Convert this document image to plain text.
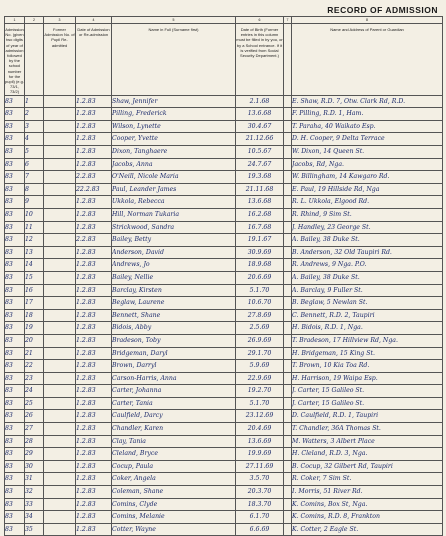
RECORD OF ADMISSION
1	2	3	4	5	6	7	8
Admission No. (given two digits of year of admission followed by the school number for the pupil) (e.g. 73/1, 73/2)		Former Admission No. of Pupil Re-admitted	Date of Admission or Re-admission	Name in Full (Surname first)	Date of Birth (Former entries in this column must be filled in by you, or by a School entrance. If it is verified from Social Security Department.)		Name and Address of Parent or Guardian
83	1		1.2.83	Shaw, Jennifer	2.1.68		E. Shaw, R.D. 7, Otw. Clark Rd, R.D.
83	2		1.2.83	Pilling, Frederick	13.6.68		F. Pilling, R.D. 1, Ham.
83	3		1.2.83	Wilson, Lynette	30.4.67		T. Paraha, 40 Waikato Esp.
83	4		1.2.83	Cooper, Yvette	21.12.66		D. H. Cooper, 9 Delta Terrace
83	5		1.2.83	Dixon, Tanghaere	10.5.67		W. Dixon, 14 Queen St.
83	6		1.2.83	Jacobs, Anna	24.7.67		Jacobs, Rd, Nga.
83	7		2.2.83	O'Neill, Nicole Maria	19.3.68		W. Billingham, 14 Kawgaro Rd.
83	8		22.2.83	Paul, Leander James	21.11.68		E. Paul, 19 Hillside Rd, Nga
83	9		1.2.83	Ukkola, Rebecca	13.6.68		R. L. Ukkola, Elgood Rd.
83	10		1.2.83	Hill, Norman Tukaria	16.2.68		R. Rhind, 9 Sim St.
83	11		1.2.83	Strickwood, Sandra	16.7.68		J. Handley, 23 George St.
83	12		2.2.83	Bailey, Betty	19.1.67		A. Bailey, 38 Duke St.
83	13		1.2.83	Anderson, David	30.9.69		B. Anderson, 32 Old Taupiri Rd.
83	14		1.2.83	Andrews, Jo	18.9.68		R. Andrews, 9 Nga. P.O.
83	15		1.2.83	Bailey, Nellie	20.6.69		A. Bailey, 38 Duke St.
83	16		1.2.83	Barclay, Kirsten	5.1.70		A. Barclay, 9 Fuller St.
83	17		1.2.83	Beglaw, Laurene	10.6.70		B. Beglaw, 5 Newlan St.
83	18		1.2.83	Bennett, Shane	27.8.69		C. Bennett, R.D. 2, Taupiri
83	19		1.2.83	Bidois, Abby	2.5.69		H. Bidois, R.D. 1, Nga.
83	20		1.2.83	Bradeson, Toby	26.9.69		T. Bradeson, 17 Hillview Rd, Nga.
83	21		1.2.83	Bridgeman, Daryl	29.1.70		H. Bridgeman, 15 King St.
83	22		1.2.83	Brown, Darryl	5.9.69		T. Brown, 10 Kia Toa Rd.
83	23		1.2.83	Carson-Harris, Anna	22.9.69		H. Harrison, 19 Waipa Esp.
83	24		1.2.83	Carter, Johanna	19.2.70		J. Carter, 15 Galileo St.
83	25		1.2.83	Carter, Tania	5.1.70		J. Carter, 15 Galileo St.
83	26		1.2.83	Caulfield, Darcy	23.12.69		D. Caulfield, R.D. 1, Taupiri
83	27		1.2.83	Chandler, Karen	20.4.69		T. Chandler, 36A Thomas St.
83	28		1.2.83	Clay, Tania	13.6.69		M. Watters, 3 Albert Place
83	29		1.2.83	Cleland, Bryce	19.9.69		H. Cleland, R.D. 3, Nga.
83	30		1.2.83	Cocup, Paula	27.11.69		B. Cocup, 32 Gilbert Rd, Taupiri
83	31		1.2.83	Coker, Angela	3.5.70		R. Coker, 7 Sim St.
83	32		1.2.83	Coleman, Shane	20.3.70		I. Morris, 51 River Rd.
83	33		1.2.83	Comins, Clyde	18.3.70		K. Comins, Box St, Nga.
83	34		1.2.83	Comins, Melanie	6.1.70		K. Comins, R.D. 8, Frankton
83	35		1.2.83	Cotter, Wayne	6.6.69		K. Cotter, 2 Eagle St.
